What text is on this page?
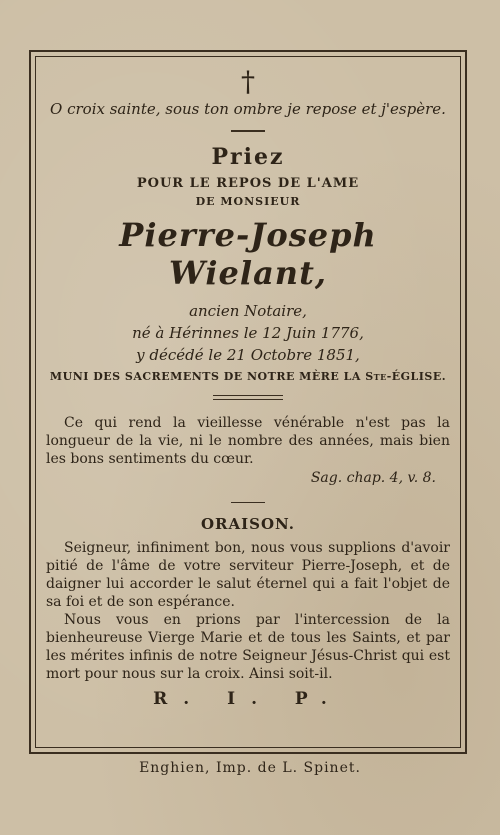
†
O croix sainte, sous ton ombre je repose et j'espère.
Priez
POUR LE REPOS DE L'AME
DE MONSIEUR
Pierre-Joseph Wielant,
ancien Notaire,
né à Hérinnes le 12 Juin 1776,
y décédé le 21 Octobre 1851,
MUNI DES SACREMENTS DE NOTRE MÈRE LA Ste-ÉGLISE.
Ce qui rend la vieillesse vénérable n'est pas la longueur de la vie, ni le nombre des années, mais bien les bons sentiments du cœur.
Sag. chap. 4, v. 8.
ORAISON.
Seigneur, infiniment bon, nous vous supplions d'avoir pitié de l'âme de votre serviteur Pierre-Joseph, et de daigner lui accorder le salut éternel qui a fait l'objet de sa foi et de son espérance.
Nous vous en prions par l'intercession de la bienheureuse Vierge Marie et de tous les Saints, et par les mérites infinis de notre Seigneur Jésus-Christ qui est mort pour nous sur la croix. Ainsi soit-il.
R. I. P.
Enghien, Imp. de L. Spinet.
